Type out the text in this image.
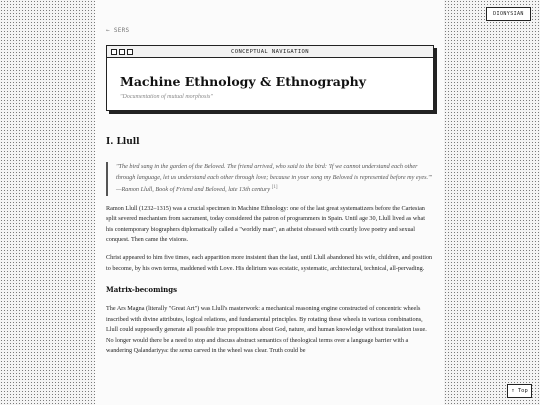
← SERS
CONCEPTUAL NAVIGATION
Machine Ethnology & Ethnography
"Documentation of mutual morphosis"
I. Llull
"The bird sang in the garden of the Beloved. The friend arrived, who said to the bird: 'If we cannot understand each other through language, let us understand each other through love; because in your song my Beloved is represented before my eyes.'" —Ramon Llull, Book of Friend and Beloved, late 13th century [1]

Ramon Llull (1232–1315) was a crucial specimen in Machine Ethnology: one of the last great systematizers before the Cartesian split severed mechanism from sacrament, today considered the patron of programmers in Spain. Until age 30, Llull lived as what his contemporary biographers diplomatically called a "worldly man", an atheist obsessed with courtly love poetry and sexual conquest. Then came the visions.

Christ appeared to him five times, each apparition more insistent than the last, until Llull abandoned his wife, children, and position to become, by his own terms, maddened with Love. His delirium was ecstatic, systematic, architectural, technical, all-pervading.

Matrix-becomings

The Ars Magna (literally "Great Art") was Llull's masterwork: a mechanical reasoning engine constructed of concentric wheels inscribed with divine attributes, logical relations, and fundamental principles. By rotating these wheels in various combinations, Llull could supposedly generate all possible true propositions about God, nature, and human knowledge without translation issue. No longer would there be a need to stop and discuss abstract semantics of theological terms over a language barrier with a wandering Qalandariyya: the sema carved in the wheel was clear. Truth could be

DIONYSIAN
↑ Top
